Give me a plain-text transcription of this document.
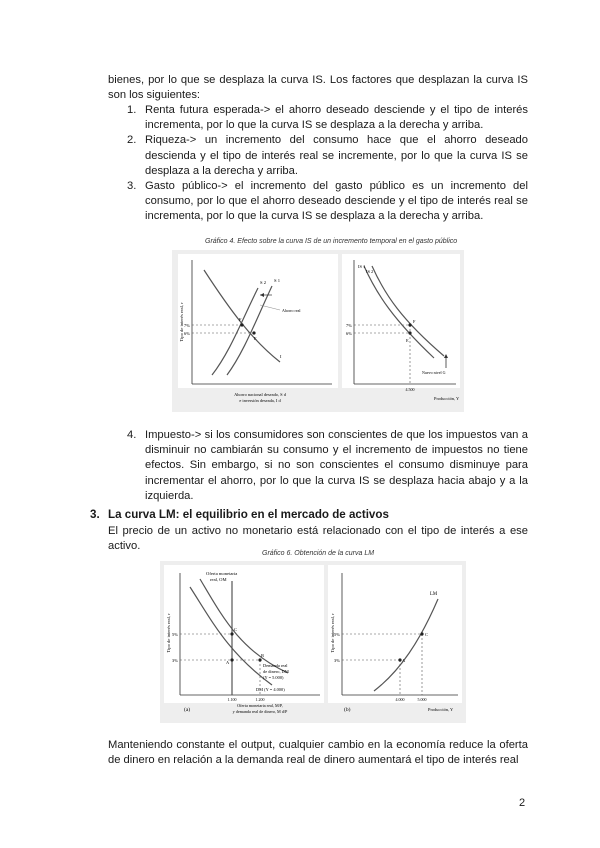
bienes, por lo que se desplaza la curva IS. Los factores que desplazan la curva IS son los siguientes:
1. Renta futura esperada-> el ahorro deseado desciende y el tipo de interés incrementa, por lo que la curva IS se desplaza a la derecha y arriba.
2. Riqueza-> un incremento del consumo hace que el ahorro deseado descienda y el tipo de interés real se incremente, por lo que la curva IS se desplaza a la derecha y arriba.
3. Gasto público-> el incremento del gasto público es un incremento del consumo, por lo que el ahorro deseado desciende y el tipo de interés real se incrementa, por lo que la curva IS se desplaza a la derecha y arriba.
Gráfico 4. Efecto sobre la curva IS de un incremento temporal en el gasto público
Tipo de interés real, r
S 2 S 1
I
Ahorro real
F
E
7%
6%
Ahorro nacional deseado, S d
e inversión deseada, I d
IS 1
IS 2
F
E
7%
6%
4.500
Nuevo nivel G
Producción, Y
4. Impuesto-> si los consumidores son conscientes de que los impuestos van a disminuir no cambiarán su consumo y el incremento de impuestos no tiene efectos. Sin embargo, si no son conscientes el consumo disminuye para incrementar el ahorro, por lo que la curva IS se desplaza hacia abajo y a la izquierda.
3. La curva LM: el equilibrio en el mercado de activos
El precio de un activo no monetario está relacionado con el tipo de interés a ese activo.
Gráfico 6. Obtención de la curva LM
Tipo de interés real, r
Oferta monetaria
real, OM
C
A
B
Demanda real
de dinero, DM
(Y = 5.000)
DM (Y = 4.000)
5%
3%
1.100	1.200
Oferta monetaria real, M/P,
y demanda real de dinero, M d/P
(a)
Tipo de interés real, r
LM
C
A
5%
3%
4.000	5.000
Producción, Y
(b)
Manteniendo constante el output, cualquier cambio en la economía reduce la oferta de dinero en relación a la demanda real de dinero aumentará el tipo de interés real
2
